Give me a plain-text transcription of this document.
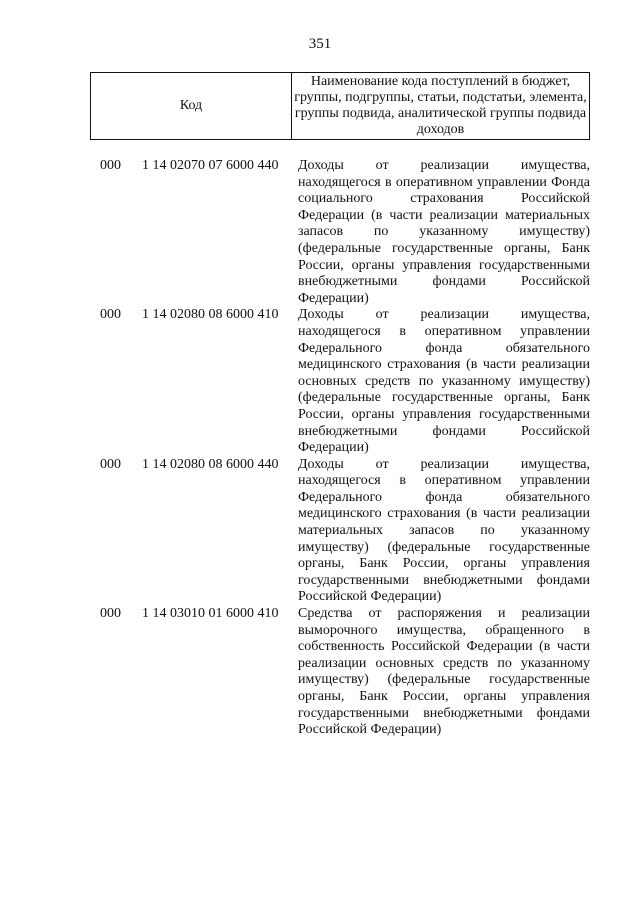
351
Код	Наименование кода поступлений в бюджет, группы, подгруппы, статьи, подстатьи, элемента, группы подвида, аналитической группы подвида доходов
000 1 14 02070 07 6000 440 Доходы от реализации имущества, находящегося в оперативном управлении Фонда социального страхования Российской Федерации (в части реализации материальных запасов по указанному имуществу) (федеральные государственные органы, Банк России, органы управления государственными внебюджетными фондами Российской Федерации)
000 1 14 02080 08 6000 410 Доходы от реализации имущества, находящегося в оперативном управлении Федерального фонда обязательного медицинского страхования (в части реализации основных средств по указанному имуществу) (федеральные государственные органы, Банк России, органы управления государственными внебюджетными фондами Российской Федерации)
000 1 14 02080 08 6000 440 Доходы от реализации имущества, находящегося в оперативном управлении Федерального фонда обязательного медицинского страхования (в части реализации материальных запасов по указанному имуществу) (федеральные государственные органы, Банк России, органы управления государственными внебюджетными фондами Российской Федерации)
000 1 14 03010 01 6000 410 Средства от распоряжения и реализации выморочного имущества, обращенного в собственность Российской Федерации (в части реализации основных средств по указанному имуществу) (федеральные государственные органы, Банк России, органы управления государственными внебюджетными фондами Российской Федерации)
